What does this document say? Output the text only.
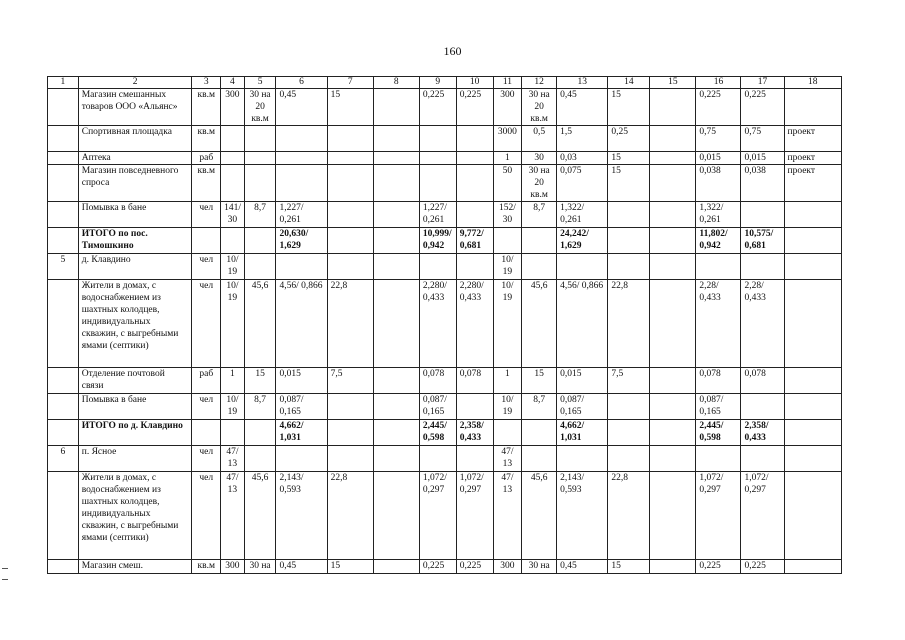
160
1	2	3	4	5	6	7	8	9	10	11	12	13	14	15	16	17	18
	Магазин смешанных товаров ООО «Альянс»	кв.м	300	30 на 20 кв.м	0,45	15		0,225	0,225	300	30 на 20 кв.м	0,45	15		0,225	0,225	
	Спортивная площадка	кв.м								3000	0,5	1,5	0,25		0,75	0,75	проект
	Аптека	раб								1	30	0,03	15		0,015	0,015	проект
	Магазин повседневного спроса	кв.м								50	30 на 20 кв.м	0,075	15		0,038	0,038	проект
	Помывка в бане	чел	141/ 30	8,7	1,227/ 0,261			1,227/ 0,261		152/ 30	8,7	1,322/ 0,261			1,322/ 0,261		
	ИТОГО по пос. Тимошкино				20,630/ 1,629			10,999/ 0,942	9,772/ 0,681			24,242/ 1,629			11,802/ 0,942	10,575/ 0,681	
5	д. Клавдино	чел	10/ 19							10/ 19							
	Жители в домах, с водоснабжением из шахтных колодцев, индивидуальных скважин, с выгребными ямами (септики)	чел	10/ 19	45,6	4,56/ 0,866	22,8		2,280/ 0,433	2,280/ 0,433	10/ 19	45,6	4,56/ 0,866	22,8		2,28/ 0,433	2,28/ 0,433	
	Отделение почтовой связи	раб	1	15	0,015	7,5		0,078	0,078	1	15	0,015	7,5		0,078	0,078	
	Помывка в бане	чел	10/ 19	8,7	0,087/ 0,165			0,087/ 0,165		10/ 19	8,7	0,087/ 0,165			0,087/ 0,165		
	ИТОГО по д. Клавдино				4,662/ 1,031			2,445/ 0,598	2,358/ 0,433			4,662/ 1,031			2,445/ 0,598	2,358/ 0,433	
6	п. Ясное	чел	47/ 13							47/ 13							
	Жители в домах, с водоснабжением из шахтных колодцев, индивидуальных скважин, с выгребными ямами (септики)	чел	47/ 13	45,6	2,143/ 0,593	22,8		1,072/ 0,297	1,072/ 0,297	47/ 13	45,6	2,143/ 0,593	22,8		1,072/ 0,297	1,072/ 0,297	
	Магазин смеш.	кв.м	300	30 на	0,45	15		0,225	0,225	300	30 на	0,45	15		0,225	0,225	
